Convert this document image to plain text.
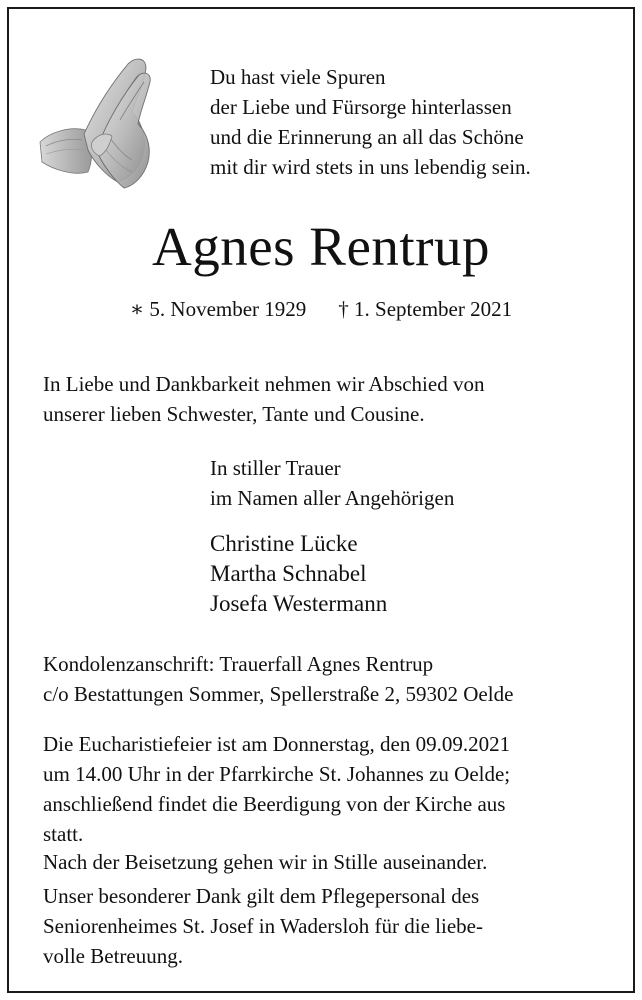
Du hast viele Spuren
der Liebe und Fürsorge hinterlassen
und die Erinnerung an all das Schöne
mit dir wird stets in uns lebendig sein.
Agnes Rentrup
∗ 5. November 1929 † 1. September 2021
In Liebe und Dankbarkeit nehmen wir Abschied von
unserer lieben Schwester, Tante und Cousine.
In stiller Trauer
im Namen aller Angehörigen
Christine Lücke
Martha Schnabel
Josefa Westermann
Kondolenzanschrift: Trauerfall Agnes Rentrup
c/o Bestattungen Sommer, Spellerstraße 2, 59302 Oelde
Die Eucharistiefeier ist am Donnerstag, den 09.09.2021
um 14.00 Uhr in der Pfarrkirche St. Johannes zu Oelde;
anschließend findet die Beerdigung von der Kirche aus
statt.
Nach der Beisetzung gehen wir in Stille auseinander.
Unser besonderer Dank gilt dem Pflegepersonal des
Seniorenheimes St. Josef in Wadersloh für die liebe-
volle Betreuung.
